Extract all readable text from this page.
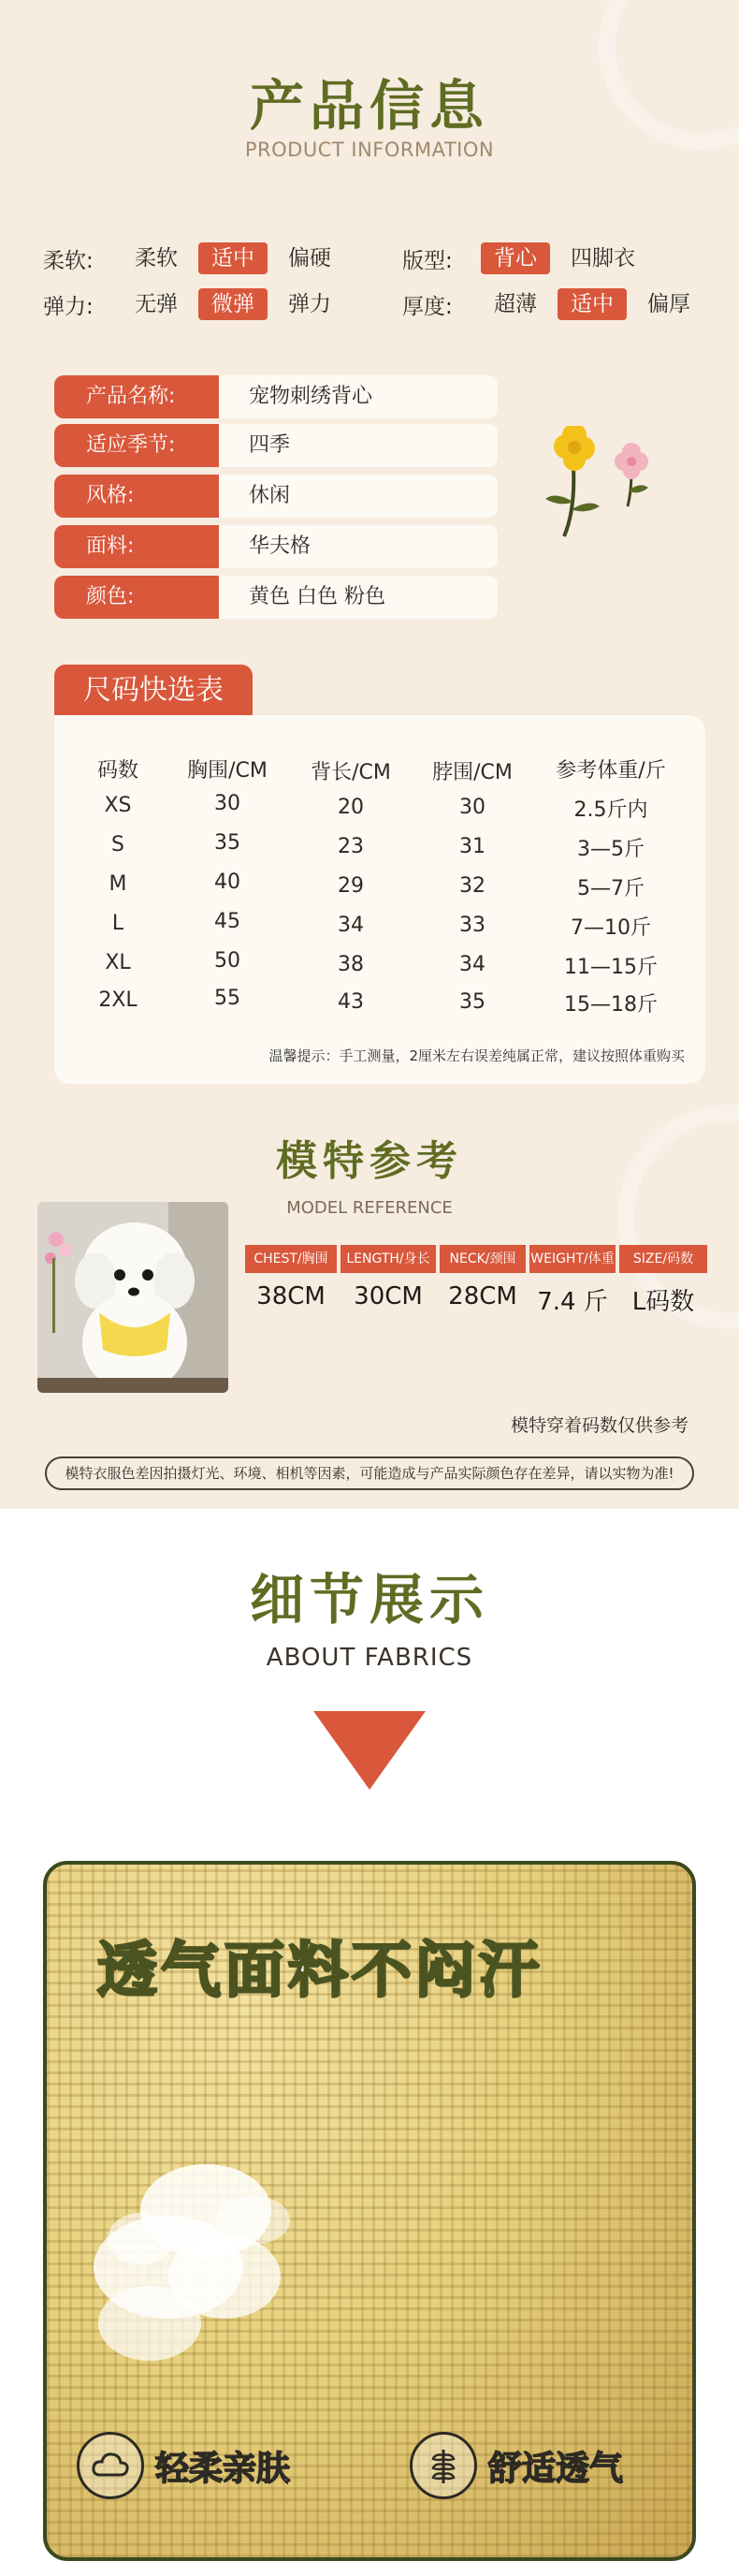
产品信息
PRODUCT INFORMATION
柔软:	柔软	适中	偏硬	版型:	背心	四脚衣
弹力:	无弹	微弹	弹力	厚度:	超薄	适中	偏厚
产品名称:	宠物刺绣背心
适应季节:	四季
风格:	休闲
面料:	华夫格
颜色:	黄色 白色 粉色
尺码快选表
码数	胸围/CM	背长/CM	脖围/CM	参考体重/斤
XS	30	20	30	2.5斤内
S	35	23	31	3—5斤
M	40	29	32	5—7斤
L	45	34	33	7—10斤
XL	50	38	34	11—15斤
2XL	55	43	35	15—18斤
温馨提示：手工测量，2厘米左右误差纯属正常，建议按照体重购买
模特参考
MODEL REFERENCE
CHEST/胸围	LENGTH/身长	NECK/颈围	WEIGHT/体重	SIZE/码数
38CM	30CM	28CM 7.4 斤 L码数
模特穿着码数仅供参考
模特衣服色差因拍摄灯光、环境、相机等因素，可能造成与产品实际颜色存在差异，请以实物为准!
细节展示
ABOUT FABRICS
透气面料不闷汗
轻柔亲肤	舒适透气
